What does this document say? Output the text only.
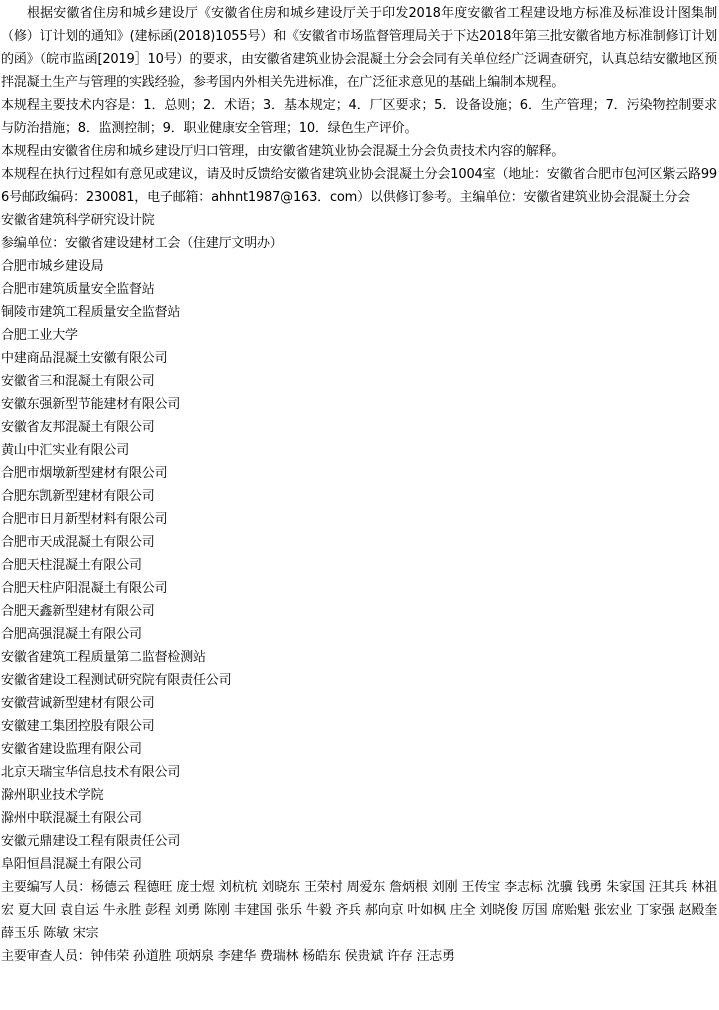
根据安徽省住房和城乡建设厅《安徽省住房和城乡建设厅关于印发2018年度安徽省工程建设地方标准及标准设计图集制（修）订计划的通知》(建标函(2018)1055号）和《安徽省市场监督管理局关于下达2018年第三批安徽省地方标准制修订计划的函》（皖市监函[2019］10号）的要求，由安徽省建筑业协会混凝土分会会同有关单位经广泛调查研究，认真总结安徽地区预拌混凝土生产与管理的实践经验，参考国内外相关先进标准，在广泛征求意见的基础上编制本规程。

本规程主要技术内容是：1．总则；2．术语；3．基本规定；4．厂区要求；5．设备设施；6．生产管理；7．污染物控制要求与防治措施；8．监测控制；9．职业健康安全管理；10．绿色生产评价。

本规程由安徽省住房和城乡建设厅归口管理，由安徽省建筑业协会混凝土分会负责技术内容的解释。

本规程在执行过程如有意见或建议，请及时反馈给安徽省建筑业协会混凝土分会1004室（地址：安徽省合肥市包河区紫云路996号邮政编码：230081，电子邮箱：ahhnt1987@163．com）以供修订参考。主编单位：安徽省建筑业协会混凝土分会

安徽省建筑科学研究设计院

参编单位：安徽省建设建材工会（住建厅文明办）

合肥市城乡建设局

合肥市建筑质量安全监督站

铜陵市建筑工程质量安全监督站

合肥工业大学

中建商品混凝土安徽有限公司

安徽省三和混凝土有限公司

安徽东强新型节能建材有限公司

安徽省友邦混凝土有限公司

黄山中汇实业有限公司

合肥市烟墩新型建材有限公司

合肥东凯新型建材有限公司

合肥市日月新型材料有限公司

合肥市天成混凝土有限公司

合肥天柱混凝土有限公司

合肥天柱庐阳混凝土有限公司

合肥天鑫新型建材有限公司

合肥高强混凝土有限公司

安徽省建筑工程质量第二监督检测站

安徽省建设工程测试研究院有限责任公司

安徽营诚新型建材有限公司

安徽建工集团控股有限公司

安徽省建设监理有限公司

北京天瑞宝华信息技术有限公司

滁州职业技术学院

滁州中联混凝土有限公司

安徽元鼎建设工程有限责任公司

阜阳恒昌混凝土有限公司

主要编写人员：杨德云 程德旺 庞士煜 刘杭杭 刘晓东 王荣村 周爱东 詹炳根 刘刚 王传宝 李志标 沈骥 钱勇 朱家国 汪其兵 林祖宏 夏大回 袁自运 牛永胜 彭程 刘勇 陈刚 丰建国 张乐 牛毅 齐兵 郝向京 叶如枫 庄全 刘晓俊 厉国 席贻魁 张宏业 丁家强 赵殿奎薛玉乐 陈敏 宋宗

主要审查人员：钟伟荣 孙道胜 项炳泉 李建华 费瑞林 杨皓东 侯贵斌 许存 汪志勇
